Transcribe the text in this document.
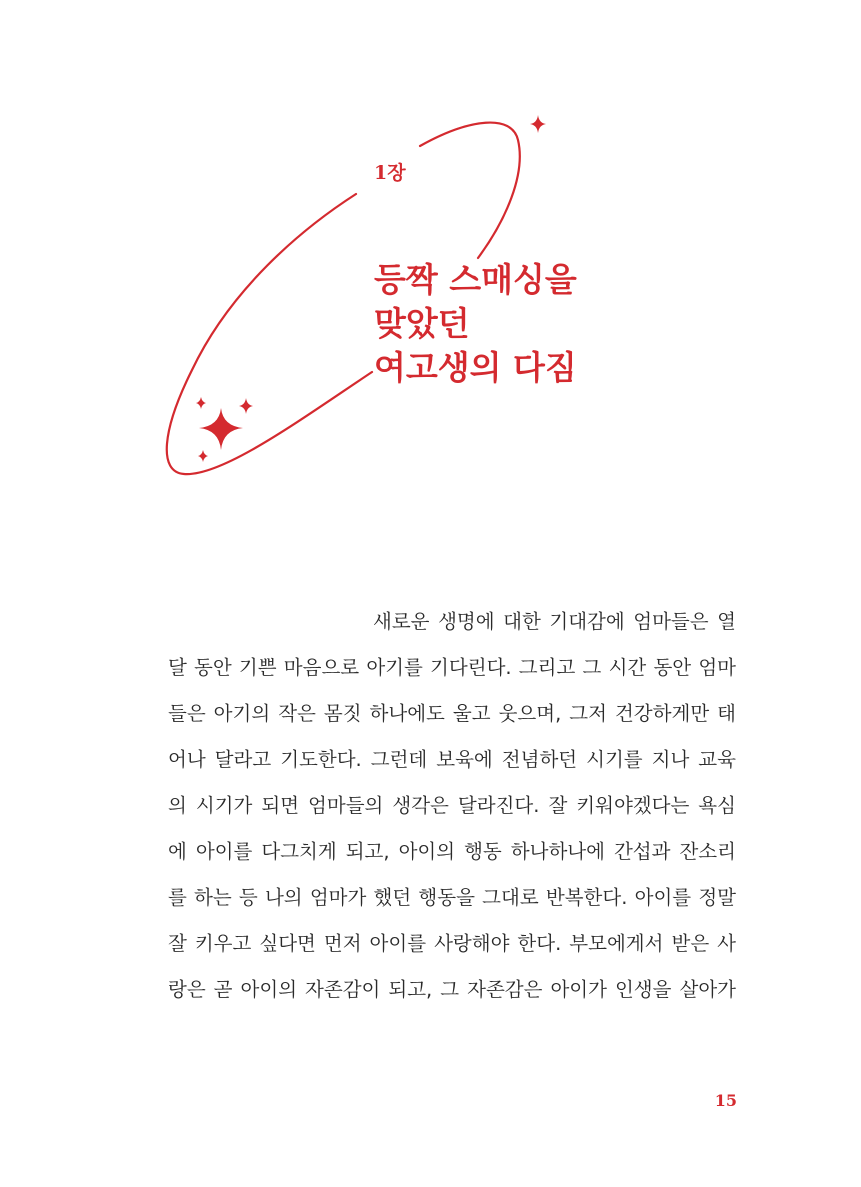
1장
등짝 스매싱을
맞았던
여고생의 다짐
새로운 생명에 대한 기대감에 엄마들은 열
달 동안 기쁜 마음으로 아기를 기다린다. 그리고 그 시간 동안 엄마
들은 아기의 작은 몸짓 하나에도 울고 웃으며, 그저 건강하게만 태
어나 달라고 기도한다. 그런데 보육에 전념하던 시기를 지나 교육
의 시기가 되면 엄마들의 생각은 달라진다. 잘 키워야겠다는 욕심
에 아이를 다그치게 되고, 아이의 행동 하나하나에 간섭과 잔소리
를 하는 등 나의 엄마가 했던 행동을 그대로 반복한다. 아이를 정말
잘 키우고 싶다면 먼저 아이를 사랑해야 한다. 부모에게서 받은 사
랑은 곧 아이의 자존감이 되고, 그 자존감은 아이가 인생을 살아가
15
